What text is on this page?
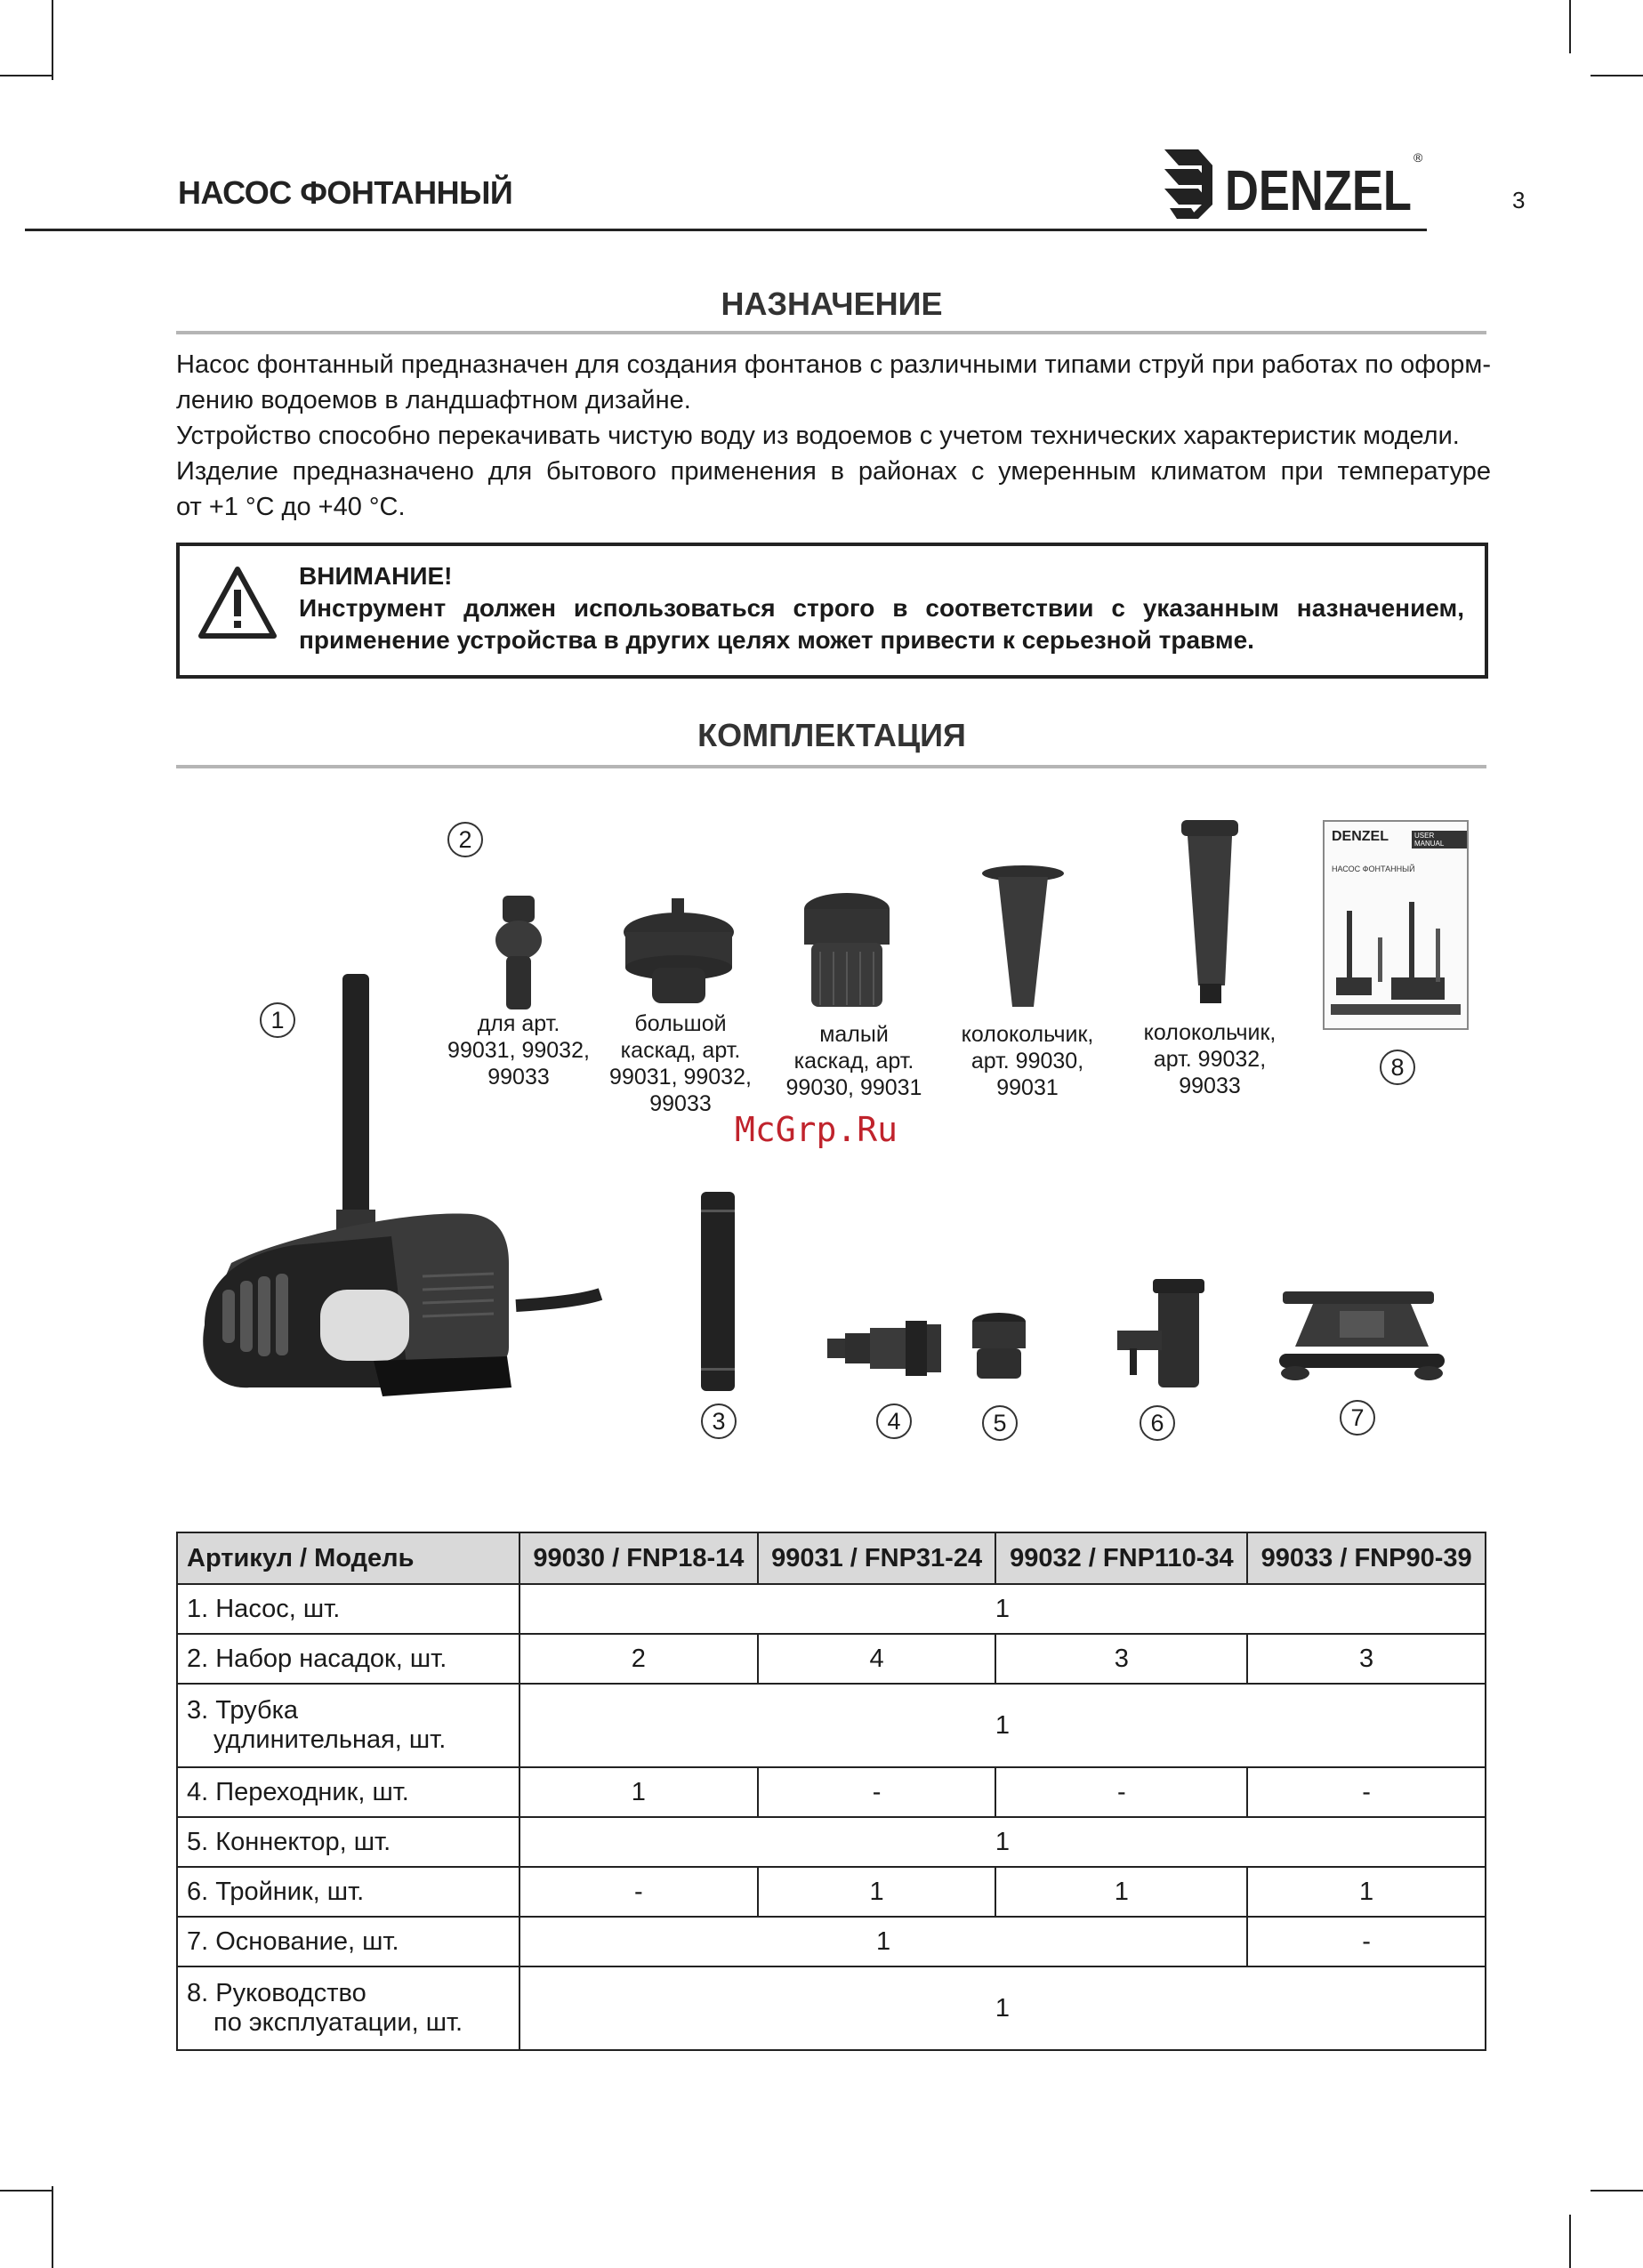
НАСОС ФОНТАННЫЙ	DENZEL
®
3
НАЗНАЧЕНИЕ
Насос фонтанный предназначен для создания фонтанов с различными типами струй при работах по оформ-
лению водоемов в ландшафтном дизайне.
Устройство способно перекачивать чистую воду из водоемов с учетом технических характеристик модели.
Изделие предназначено для бытового применения в районах с умеренным климатом при температуре
от +1 °C до +40 °C.
ВНИМАНИЕ!
Инструмент должен использоваться строго в соответствии с указанным назначением,
применение устройства в других целях может привести к серьезной травме.
КОМПЛЕКТАЦИЯ
2
1
8
3	4	5	6	7
для арт.
99031, 99032,
99033
большой
каскад, арт.
99031, 99032,
99033
малый
каскад, арт.
99030, 99031
колокольчик,
арт. 99030,
99031
колокольчик,
арт. 99032,
99033
DENZEL	USER MANUAL
НАСОС ФОНТАННЫЙ
McGrp.Ru
Артикул / Модель	99030 / FNP18-14	99031 / FNP31-24	99032 / FNP110-34	99033 / FNP90-39
1. Насос, шт.	1			
2. Набор насадок, шт.	2	4	3	3

3. Трубка
удлинительная, шт.	1			
4. Переходник, шт.	1	-	-	-
5. Коннектор, шт.	1			
6. Тройник, шт.	-	1	1	1
7. Основание, шт.	1			-

8. Руководство
по эксплуатации, шт.	1			
